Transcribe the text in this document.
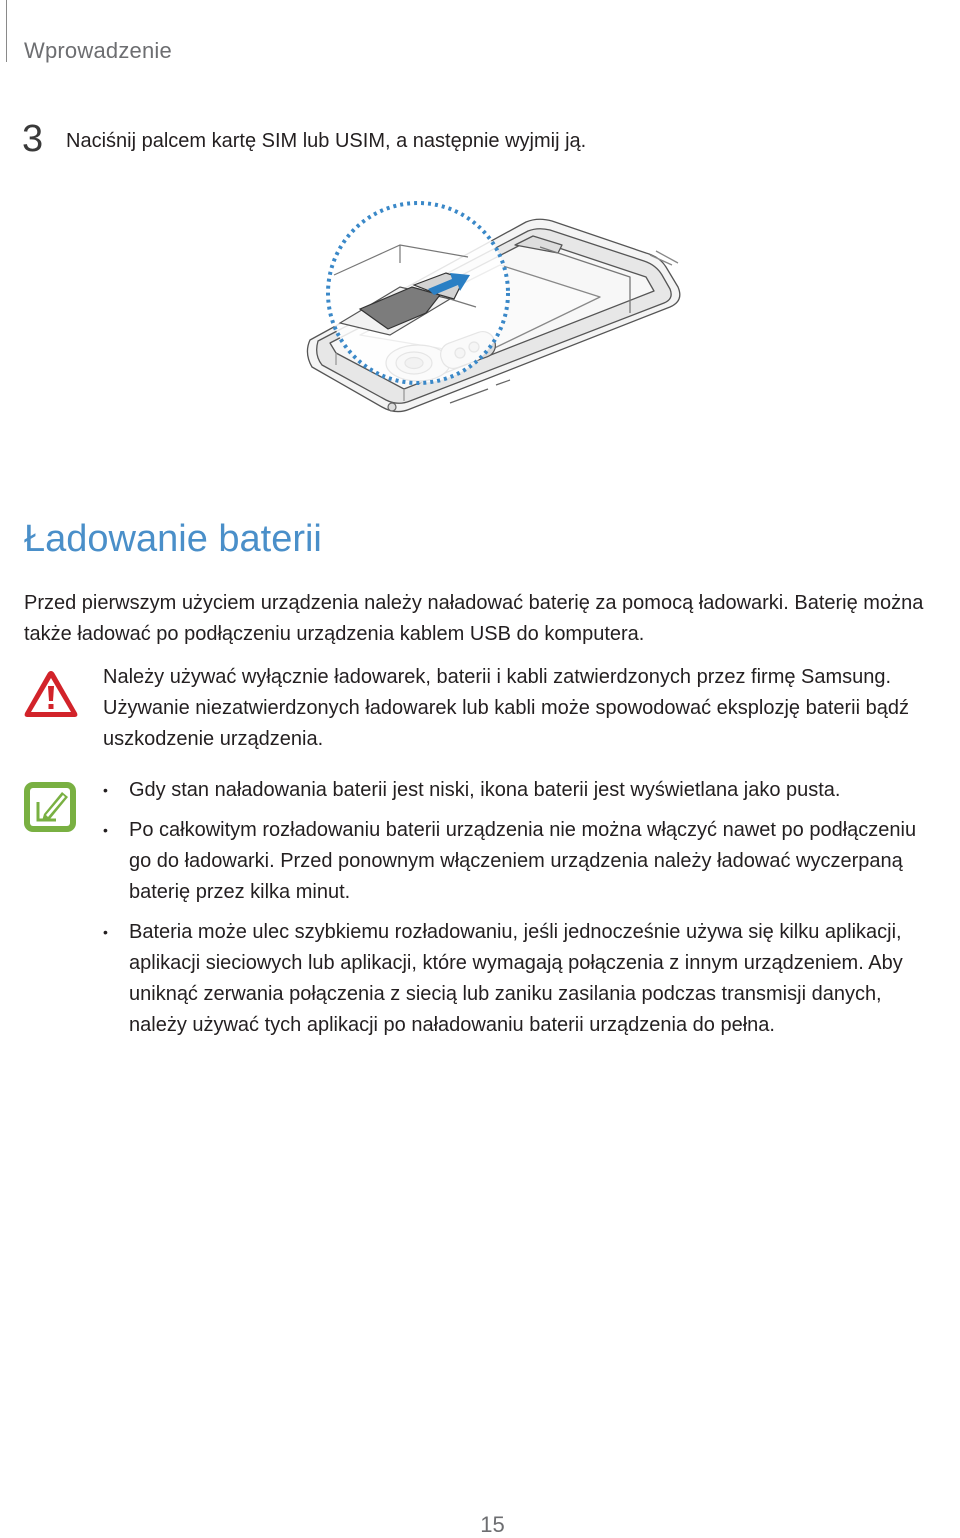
Wprowadzenie
3 Naciśnij palcem kartę SIM lub USIM, a następnie wyjmij ją.
Ładowanie baterii

Przed pierwszym użyciem urządzenia należy naładować baterię za pomocą ładowarki. Baterię można
także ładować po podłączeniu urządzenia kablem USB do komputera.

Należy używać wyłącznie ładowarek, baterii i kabli zatwierdzonych przez firmę Samsung.
Używanie niezatwierdzonych ładowarek lub kabli może spowodować eksplozję baterii bądź
uszkodzenie urządzenia.

• Gdy stan naładowania baterii jest niski, ikona baterii jest wyświetlana jako pusta.
• Po całkowitym rozładowaniu baterii urządzenia nie można włączyć nawet po podłączeniu
go do ładowarki. Przed ponownym włączeniem urządzenia należy ładować wyczerpaną
baterię przez kilka minut.
• Bateria może ulec szybkiemu rozładowaniu, jeśli jednocześnie używa się kilku aplikacji,
aplikacji sieciowych lub aplikacji, które wymagają połączenia z innym urządzeniem. Aby
uniknąć zerwania połączenia z siecią lub zaniku zasilania podczas transmisji danych,
należy używać tych aplikacji po naładowaniu baterii urządzenia do pełna.
15
